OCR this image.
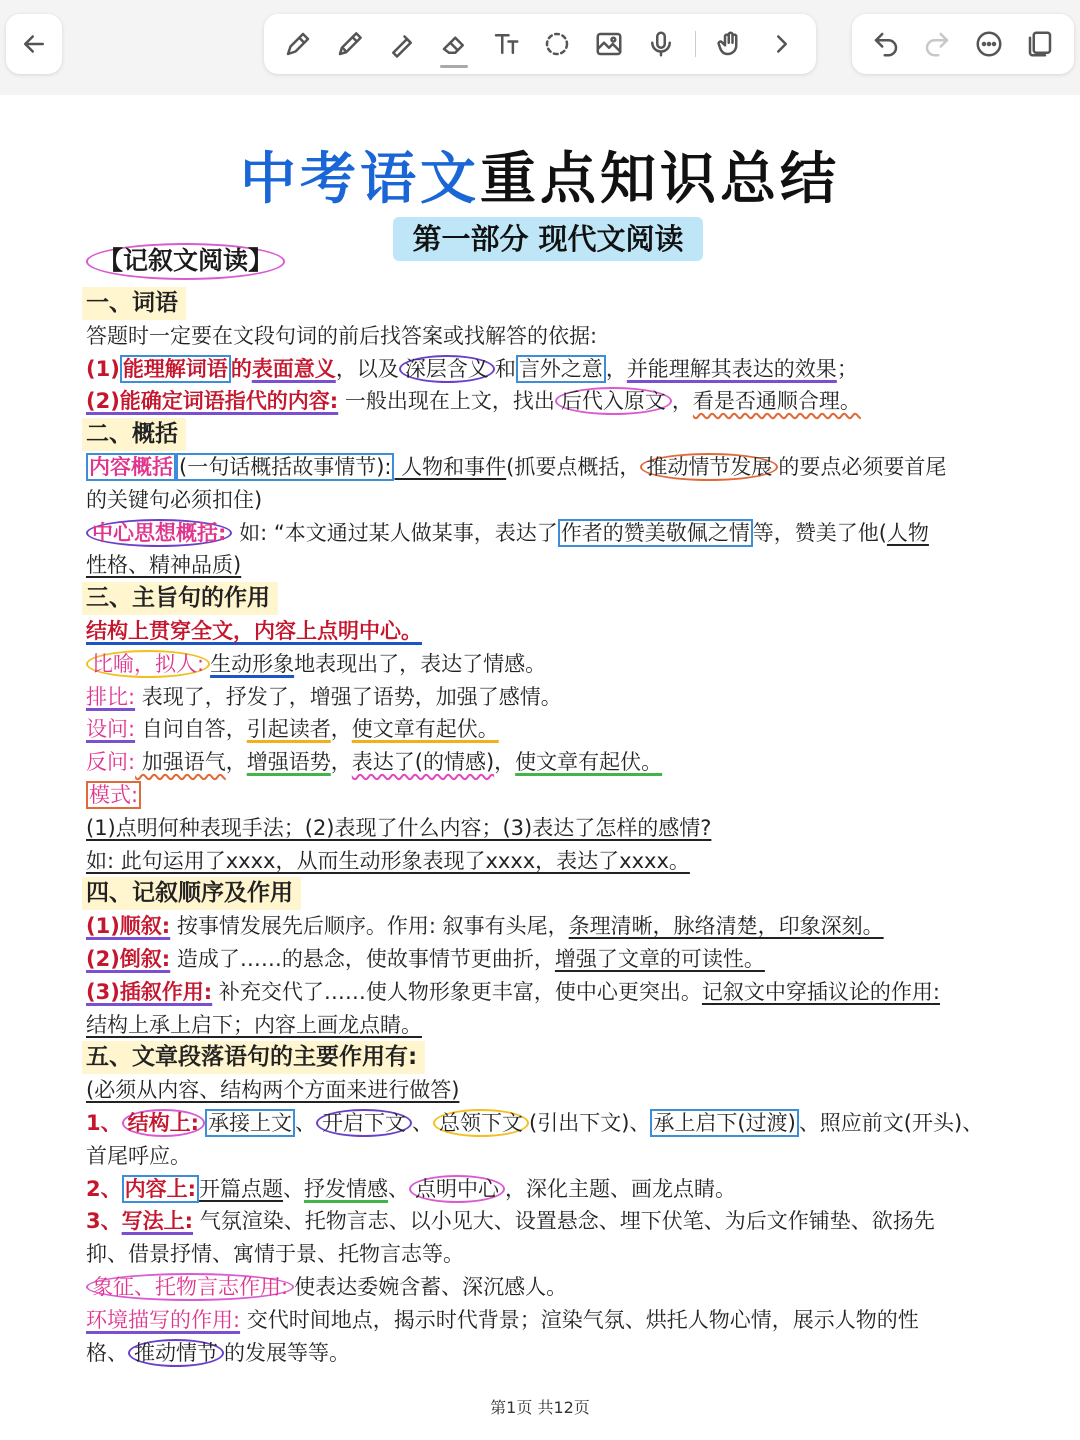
中考语文重点知识总结
第一部分 现代文阅读
【记叙文阅读】
一、词语
答题时一定要在文段句词的前后找答案或找解答的依据:
(1) 能理解词语 的表面意义，以及 深层含义 和 言外之意 ，并能理解其表达的效果；
(2)能确定词语指代的内容: 一般出现在上文，找出 后代入原文 ，看是否通顺合理。
二、概括
内容概括 (一句话概括故事情节): 人物和事件(抓要点概括， 推动情节发展 的要点必须要首尾
的关键句必须扣住)
中心思想概括: 如: “本文通过某人做某事，表达了 作者的赞美敬佩之情 等，赞美了他(人物
性格、精神品质)
三、主旨句的作用
结构上贯穿全文，内容上点明中心。
比喻，拟人: 生动形象地表现出了，表达了情感。
排比: 表现了，抒发了，增强了语势，加强了感情。
设问: 自问自答，引起读者，使文章有起伏。
反问: 加强语气，增强语势，表达了(的情感)，使文章有起伏。
模式:
(1)点明何种表现手法；(2)表现了什么内容；(3)表达了怎样的感情?
如: 此句运用了xxxx，从而生动形象表现了xxxx，表达了xxxx。
四、记叙顺序及作用
(1)顺叙: 按事情发展先后顺序。作用: 叙事有头尾，条理清晰，脉络清楚，印象深刻。
(2)倒叙: 造成了……的悬念，使故事情节更曲折，增强了文章的可读性。
(3)插叙作用: 补充交代了……使人物形象更丰富，使中心更突出。记叙文中穿插议论的作用:
结构上承上启下；内容上画龙点睛。
五、文章段落语句的主要作用有:
(必须从内容、结构两个方面来进行做答)
1、 结构上: 承接上文 、 开启下文 、 总领下文 (引出下文)、 承上启下(过渡) 、照应前文(开头)、
首尾呼应。
2、 内容上: 开篇点题、抒发情感、 点明中心 ，深化主题、画龙点睛。
3、写法上: 气氛渲染、托物言志、以小见大、设置悬念、埋下伏笔、为后文作铺垫、欲扬先
抑、借景抒情、寓情于景、托物言志等。
象征、托物言志作用: 使表达委婉含蓄、深沉感人。
环境描写的作用: 交代时间地点，揭示时代背景；渲染气氛、烘托人物心情，展示人物的性
格、 推动情节 的发展等等。
第1页 共12页
